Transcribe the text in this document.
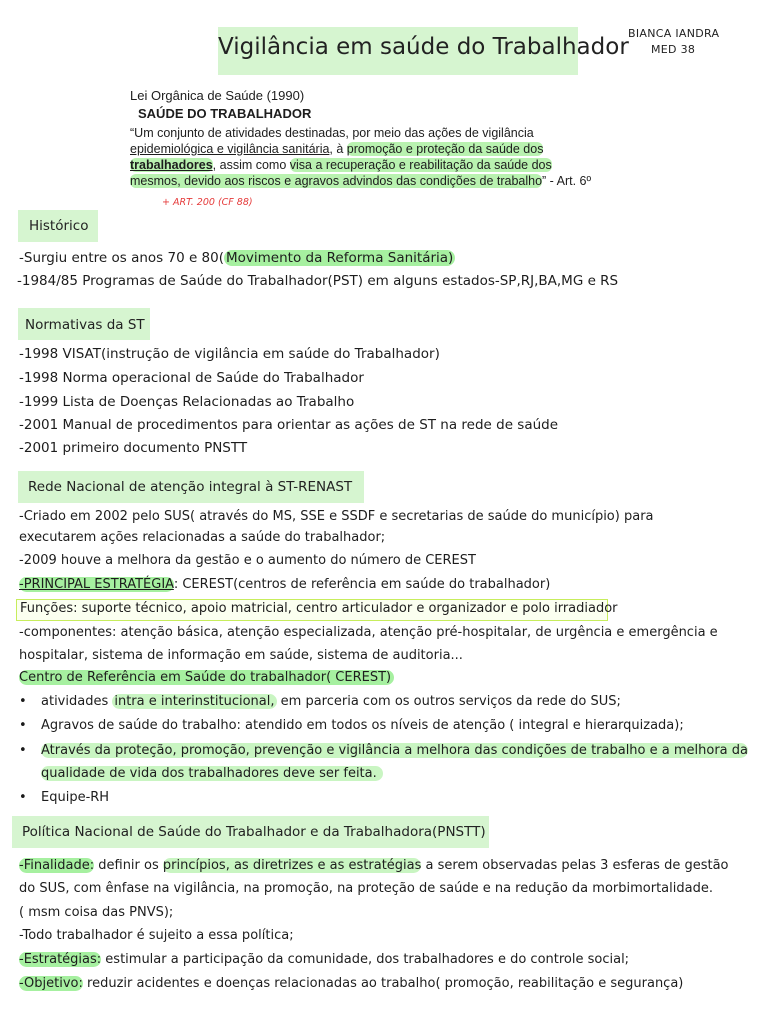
Vigilância em saúde do Trabalhador
BIANCA IANDRA
MED 38
Lei Orgânica de Saúde (1990)
SAÚDE DO TRABALHADOR
“Um conjunto de atividades destinadas, por meio das ações de vigilância
epidemiológica e vigilância sanitária, à promoção e proteção da saúde dos
trabalhadores, assim como visa a recuperação e reabilitação da saúde dos
mesmos, devido aos riscos e agravos advindos das condições de trabalho” - Art. 6º
+ ART. 200 (CF 88)
Histórico
-Surgiu entre os anos 70 e 80( Movimento da Reforma Sanitária)
-1984/85 Programas de Saúde do Trabalhador(PST) em alguns estados-SP,RJ,BA,MG e RS
Normativas da ST
-1998 VISAT(instrução de vigilância em saúde do Trabalhador)
-1998 Norma operacional de Saúde do Trabalhador
-1999 Lista de Doenças Relacionadas ao Trabalho
-2001 Manual de procedimentos para orientar as ações de ST na rede de saúde
-2001 primeiro documento PNSTT
Rede Nacional de atenção integral à ST-RENAST
-Criado em 2002 pelo SUS( através do MS, SSE e SSDF e secretarias de saúde do município) para
executarem ações relacionadas a saúde do trabalhador;
-2009 houve a melhora da gestão e o aumento do número de CEREST
-PRINCIPAL ESTRATÉGIA: CEREST(centros de referência em saúde do trabalhador)
Funções: suporte técnico, apoio matricial, centro articulador e organizador e polo irradiador
-componentes: atenção básica, atenção especializada, atenção pré-hospitalar, de urgência e emergência e
hospitalar, sistema de informação em saúde, sistema de auditoria...
Centro de Referência em Saúde do trabalhador( CEREST)
• atividades intra e interinstitucional, em parceria com os outros serviços da rede do SUS;
• Agravos de saúde do trabalho: atendido em todos os níveis de atenção ( integral e hierarquizada);
• Através da proteção, promoção, prevenção e vigilância a melhora das condições de trabalho e a melhora da
qualidade de vida dos trabalhadores deve ser feita.
• Equipe-RH
Política Nacional de Saúde do Trabalhador e da Trabalhadora(PNSTT)
-Finalidade: definir os princípios, as diretrizes e as estratégias a serem observadas pelas 3 esferas de gestão
do SUS, com ênfase na vigilância, na promoção, na proteção de saúde e na redução da morbimortalidade.
( msm coisa das PNVS);
-Todo trabalhador é sujeito a essa política;
-Estratégias: estimular a participação da comunidade, dos trabalhadores e do controle social;
-Objetivo: reduzir acidentes e doenças relacionadas ao trabalho( promoção, reabilitação e segurança)
